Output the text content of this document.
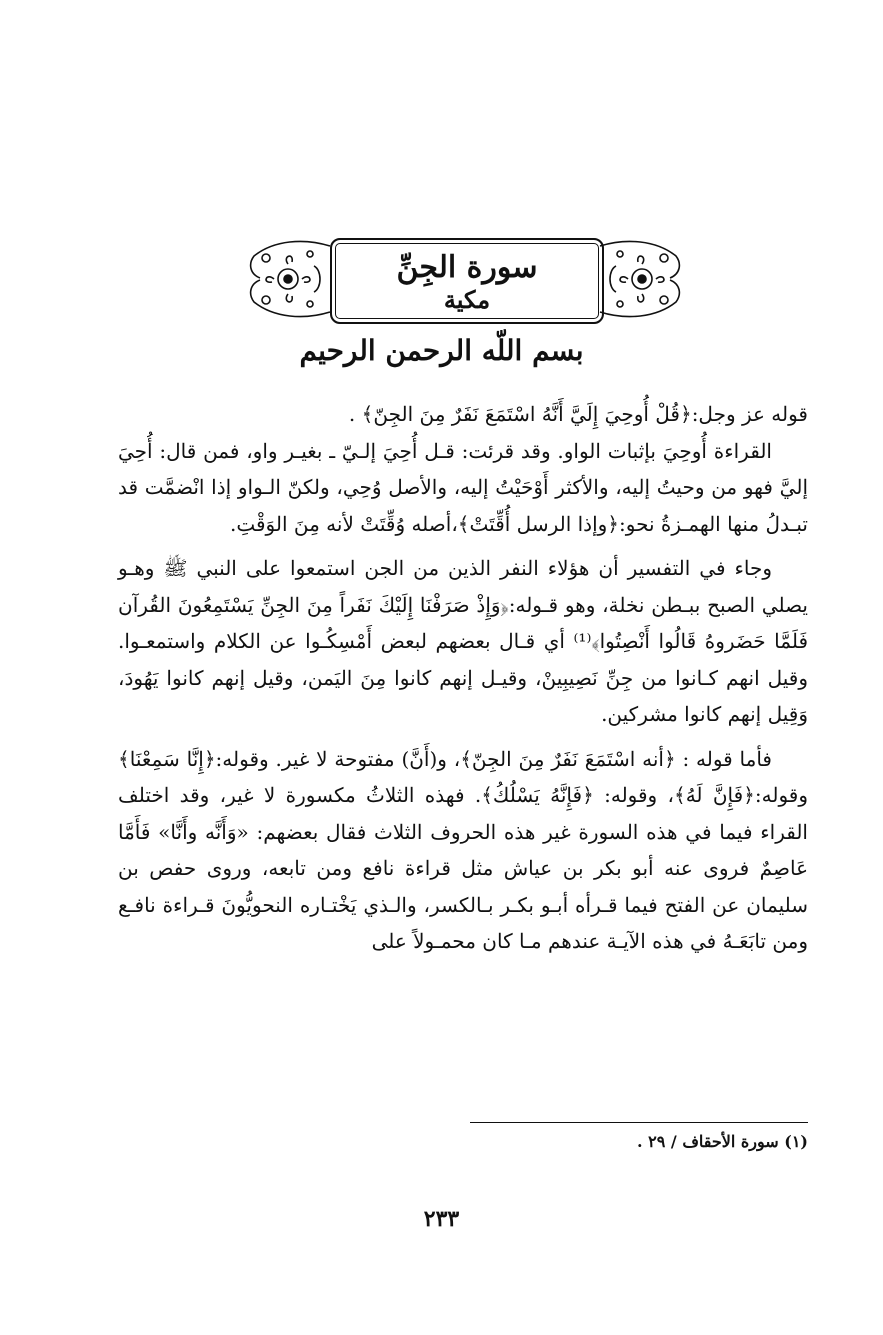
سورة الجِنِّ
مكية
بسم اللّه الرحمن الرحيم

قوله عز وجل:﴿قُلْ أُوحِيَ إِلَيَّ أَنَّهُ اسْتَمَعَ نَفَرٌ مِنَ الجِنّ﴾ .

القراءة أُوحِيَ بإثبات الواو. وقد قرئت: قـل أُحِيَ إلـيّ ـ بغيـر واو، فمن قال: أُحِيَ إليَّ فهو من وحيتُ إليه، والأكثر أَوْحَيْتُ إليه، والأصل وُحِي، ولكنّ الـواو إذا انْضمَّت قد تبـدلُ منها الهمـزةُ نحو:﴿وإذا الرسل أُقِّتَتْ﴾،أصله وُقِّتَتْ لأنه مِنَ الوَقْتِ.

وجاء في التفسير أن هؤلاء النفر الذين من الجن استمعوا على النبي ﷺ وهـو يصلي الصبح ببـطن نخلة، وهو قـوله:﴿وَإِذْ صَرَفْنَا إِلَيْكَ نَفَراً مِنَ الجِنِّ يَسْتَمِعُونَ القُرآن فَلَمَّا حَضَروهُ قَالُوا أَنْصِتُوا﴾⁽¹⁾ أي قـال بعضهم لبعض أَمْسِكُـوا عن الكلام واستمعـوا. وقيل انهم كـانوا من جِنِّ نَصِيبِينْ، وقيـل إنهم كانوا مِنَ اليَمن، وقيل إنهم كانوا يَهُودَ، وَقِيل إنهم كانوا مشركين.

فأما قوله : ﴿أنه اسْتَمَعَ نَفَرٌ مِنَ الجِنّ﴾، و(أَنَّ) مفتوحة لا غير. وقوله:﴿إِنَّا سَمِعْنَا﴾ وقوله:﴿فَإِنَّ لَهُ﴾، وقوله: ﴿فَإِنَّهُ يَسْلُكُ﴾. فهذه الثلاثُ مكسورة لا غير، وقد اختلف القراء فيما في هذه السورة غير هذه الحروف الثلاث فقال بعضهم: «وَأَنَّه وأَنَّا» فَأَمَّا عَاصِمٌ فروى عنه أبو بكر بن عياش مثل قراءة نافع ومن تابعه، وروى حفص بن سليمان عن الفتح فيما قـرأه أبـو بكـر بـالكسر، والـذي يَخْتـاره النحويُّونَ قـراءة نافـع ومن تابَعَـهُ في هذه الآيـة عندهم مـا كان محمـولاً على

(١) سورة الأحقاف / ٢٩ .
٢٣٣
